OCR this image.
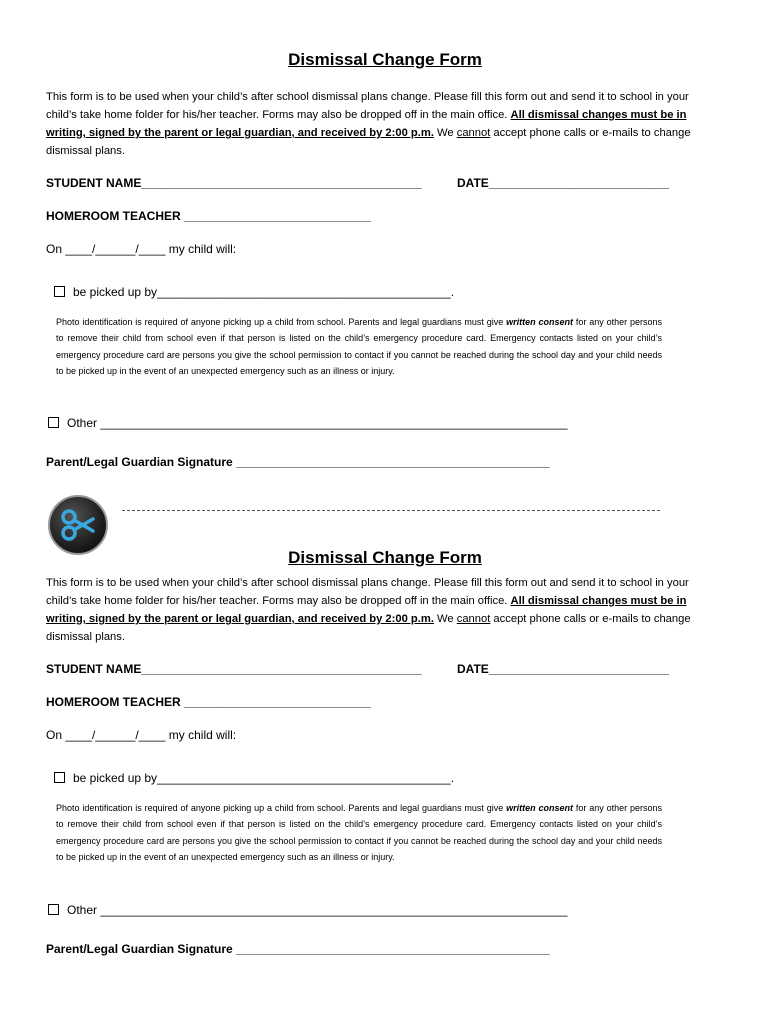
Dismissal Change Form
This form is to be used when your child’s after school dismissal plans change. Please fill this form out and send it to school in your child’s take home folder for his/her teacher. Forms may also be dropped off in the main office. All dismissal changes must be in writing, signed by the parent or legal guardian, and received by 2:00 p.m. We cannot accept phone calls or e-mails to change dismissal plans.
STUDENT NAME__________________________________________	DATE___________________________
HOMEROOM TEACHER ____________________________
On ____/______/____ my child will:
be picked up by____________________________________________.
Photo identification is required of anyone picking up a child from school. Parents and legal guardians must give written consent for any other persons to remove their child from school even if that person is listed on the child’s emergency procedure card. Emergency contacts listed on your child’s emergency procedure card are persons you give the school permission to contact if you cannot be reached during the school day and your child needs to be picked up in the event of an unexpected emergency such as an illness or injury.
Other ______________________________________________________________________
Parent/Legal Guardian Signature _______________________________________________
Dismissal Change Form
This form is to be used when your child’s after school dismissal plans change. Please fill this form out and send it to school in your child’s take home folder for his/her teacher. Forms may also be dropped off in the main office. All dismissal changes must be in writing, signed by the parent or legal guardian, and received by 2:00 p.m. We cannot accept phone calls or e-mails to change dismissal plans.
STUDENT NAME__________________________________________	DATE___________________________
HOMEROOM TEACHER ____________________________
On ____/______/____ my child will:
be picked up by____________________________________________.
Photo identification is required of anyone picking up a child from school. Parents and legal guardians must give written consent for any other persons to remove their child from school even if that person is listed on the child’s emergency procedure card. Emergency contacts listed on your child’s emergency procedure card are persons you give the school permission to contact if you cannot be reached during the school day and your child needs to be picked up in the event of an unexpected emergency such as an illness or injury.
Other ______________________________________________________________________
Parent/Legal Guardian Signature _______________________________________________
